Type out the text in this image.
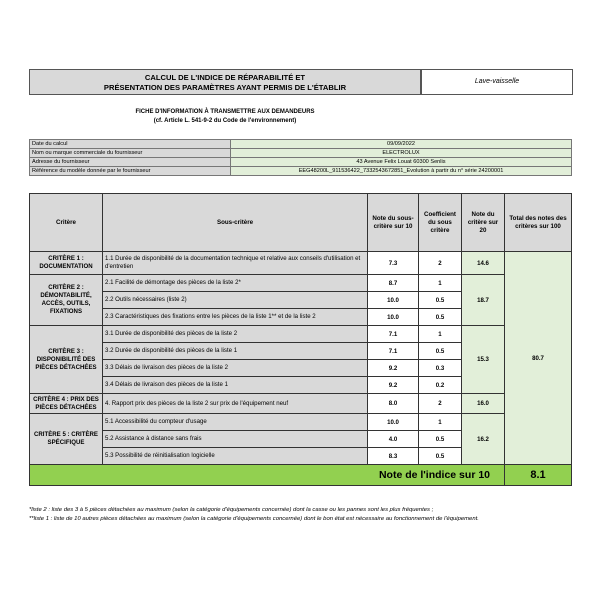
CALCUL DE L'INDICE DE RÉPARABILITÉ ET
PRÉSENTATION DES PARAMÈTRES AYANT PERMIS DE L'ÉTABLIR
Lave-vaisselle
FICHE D'INFORMATION À TRANSMETTRE AUX DEMANDEURS
(cf. Article L. 541-9-2 du Code de l'environnement)
Date du calcul	09/09/2022
Nom ou marque commerciale du fournisseur	ELECTROLUX
Adresse du fournisseur	43 Avenue Felix Louat 60300 Senlis
Référence du modèle donnée par le fournisseur	EEG48200L_911536422_7332543672851_Evolution à partir du n° série 24200001
Critère	Sous-critère	Note du sous-critère sur 10	Coefficient du sous critère	Note du critère sur 20	Total des notes des critères sur 100

CRITÈRE 1 :
DOCUMENTATION	1.1 Durée de disponibilité de la documentation technique et relative aux conseils d'utilisation et d'entretien	7.3	2	14.6	80.7

CRITÈRE 2 :
DÉMONTABILITÉ,
ACCÈS, OUTILS,
FIXATIONS	2.1 Facilité de démontage des pièces de la liste 2*	8.7	1	18.7	
	2.2 Outils nécessaires (liste 2)	10.0	0.5		
	2.3 Caractéristiques des fixations entre les pièces de la liste 1** et de la liste 2	10.0	0.5		

CRITÈRE 3 :
DISPONIBILITÉ DES
PIÈCES DÉTACHÉES	3.1 Durée de disponibilité des pièces de la liste 2	7.1	1	15.3	
	3.2 Durée de disponibilité des pièces de la liste 1	7.1	0.5		
	3.3 Délais de livraison des pièces de la liste 2	9.2	0.3		
	3.4 Délais de livraison des pièces de la liste 1	9.2	0.2		

CRITÈRE 4 : PRIX DES
PIÈCES DÉTACHÉES	4. Rapport prix des pièces de la liste 2 sur prix de l'équipement neuf	8.0	2	16.0	

CRITÈRE 5 : CRITÈRE
SPÉCIFIQUE	5.1 Accessibilité du compteur d'usage	10.0	1	16.2	
	5.2 Assistance à distance sans frais	4.0	0.5		
	5.3 Possibilité de réinitialisation logicielle	8.3	0.5		
Note de l'indice sur 10					8.1
*liste 2 : liste des 3 à 5 pièces détachées au maximum (selon la catégorie d'équipements concernée) dont la casse ou les pannes sont les plus fréquentes ;
**liste 1 : liste de 10 autres pièces détachées au maximum (selon la catégorie d'équipements concernée) dont le bon état est nécessaire au fonctionnement de l'équipement.
